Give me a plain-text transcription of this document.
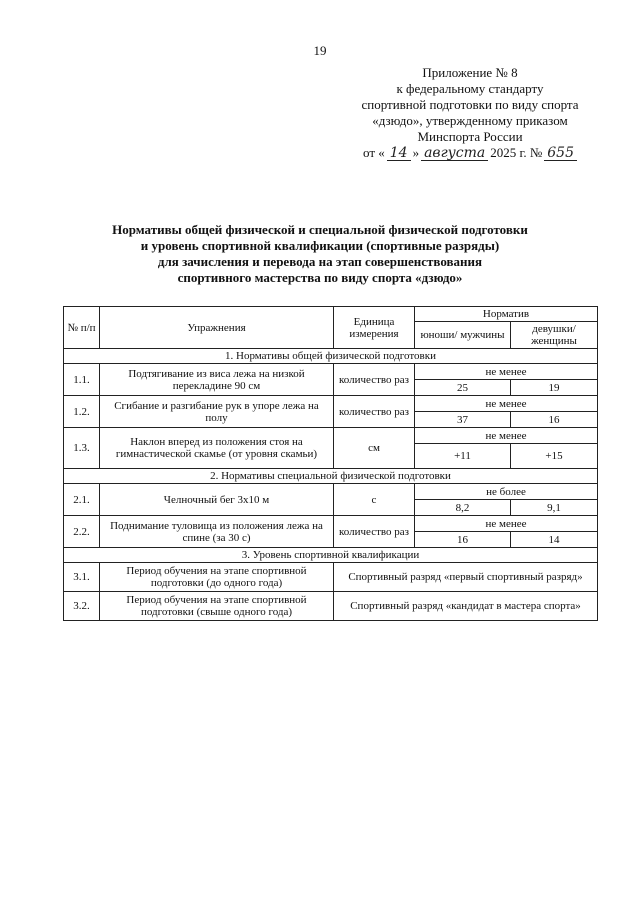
19
Приложение № 8
к федеральному стандарту
спортивной подготовки по виду спорта
«дзюдо», утвержденному приказом
Минспорта России
от « 14 » августа 2025 г. № 655
Нормативы общей физической и специальной физической подготовки
и уровень спортивной квалификации (спортивные разряды)
для зачисления и перевода на этап совершенствования
спортивного мастерства по виду спорта «дзюдо»
№ п/п	Упражнения	Единица измерения	Норматив	
			юноши/ мужчины	девушки/ женщины
1. Нормативы общей физической подготовки				
1.1.	Подтягивание из виса лежа на низкой перекладине 90 см	количество раз	не менее	
			25	19
1.2.	Сгибание и разгибание рук в упоре лежа на полу	количество раз	не менее	
			37	16
1.3.	Наклон вперед из положения стоя на гимнастической скамье (от уровня скамьи)	см	не менее	
			+11	+15
2. Нормативы специальной физической подготовки				
2.1.	Челночный бег 3х10 м	с	не более	
			8,2	9,1
2.2.	Поднимание туловища из положения лежа на спине (за 30 с)	количество раз	не менее	
			16	14
3. Уровень спортивной квалификации				
3.1.	Период обучения на этапе спортивной подготовки (до одного года)	Спортивный разряд «первый спортивный разряд»		
3.2.	Период обучения на этапе спортивной подготовки (свыше одного года)	Спортивный разряд «кандидат в мастера спорта»		
